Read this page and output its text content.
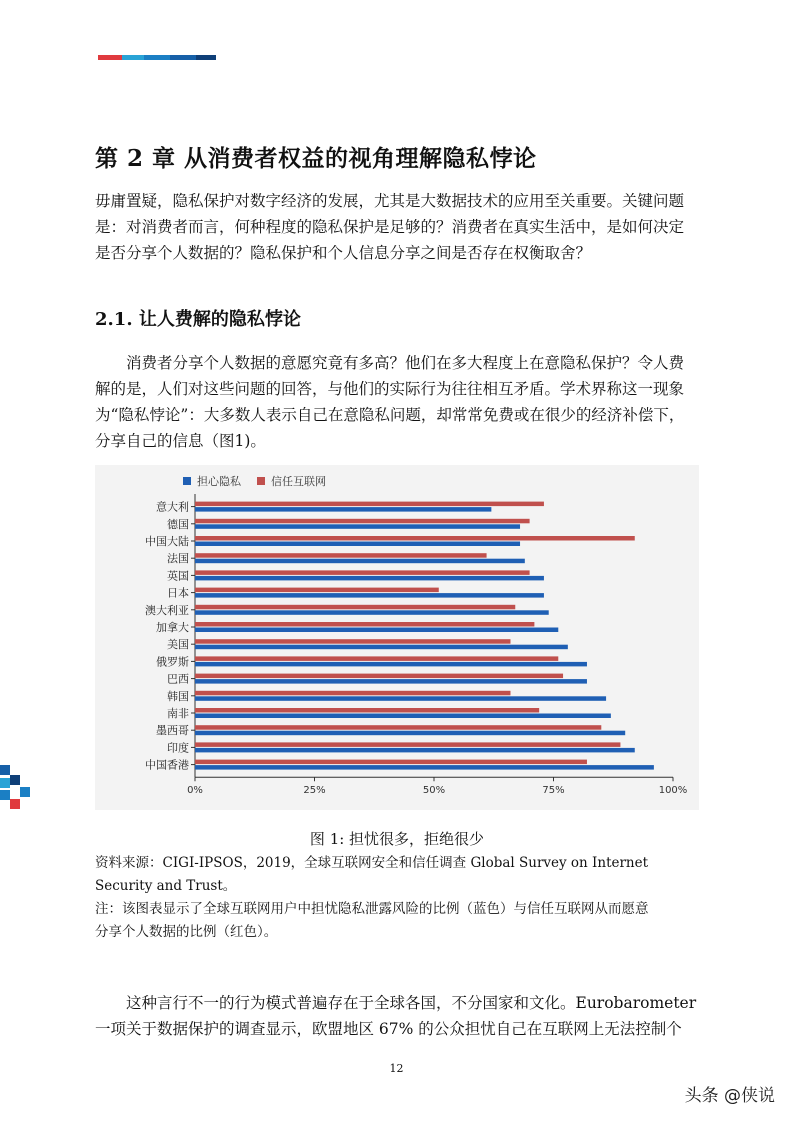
第 2 章 从消费者权益的视角理解隐私悖论
毋庸置疑，隐私保护对数字经济的发展，尤其是大数据技术的应用至关重要。关键问题
是：对消费者而言，何种程度的隐私保护是足够的？消费者在真实生活中，是如何决定
是否分享个人数据的？隐私保护和个人信息分享之间是否存在权衡取舍？
2.1. 让人费解的隐私悖论
消费者分享个人数据的意愿究竟有多高？他们在多大程度上在意隐私保护？令人费
解的是，人们对这些问题的回答，与他们的实际行为往往相互矛盾。学术界称这一现象
为“隐私悖论”：大多数人表示自己在意隐私问题，却常常免费或在很少的经济补偿下，
分享自己的信息（图1)。
担心隐私	信任互联网
意大利
德国
中国大陆
法国
英国
日本
澳大利亚
加拿大
美国
俄罗斯
巴西
韩国
南非
墨西哥
印度
中国香港
0%	25%	50%	75%	100%
图 1: 担忧很多，拒绝很少
资料来源：CIGI-IPSOS，2019，全球互联网安全和信任调查 Global Survey on Internet
Security and Trust。
注：该图表显示了全球互联网用户中担忧隐私泄露风险的比例（蓝色）与信任互联网从而愿意
分享个人数据的比例（红色）。
这种言行不一的行为模式普遍存在于全球各国，不分国家和文化。Eurobarometer
一项关于数据保护的调查显示，欧盟地区 67% 的公众担忧自己在互联网上无法控制个
12
头条 @侠说
